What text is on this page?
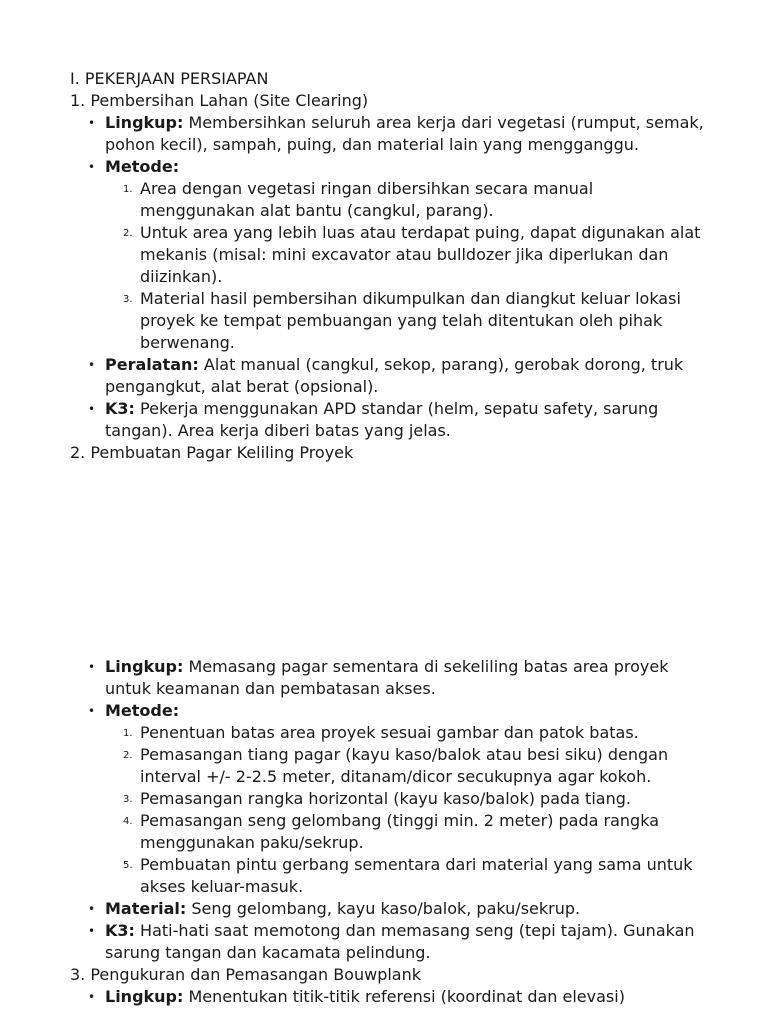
I. PEKERJAAN PERSIAPAN

1. Pembersihan Lahan (Site Clearing)

• Lingkup: Membersihkan seluruh area kerja dari vegetasi (rumput, semak, pohon kecil), sampah, puing, dan material lain yang mengganggu.
• Metode:
1. Area dengan vegetasi ringan dibersihkan secara manual menggunakan alat bantu (cangkul, parang).
2. Untuk area yang lebih luas atau terdapat puing, dapat digunakan alat mekanis (misal: mini excavator atau bulldozer jika diperlukan dan diizinkan).
3. Material hasil pembersihan dikumpulkan dan diangkut keluar lokasi proyek ke tempat pembuangan yang telah ditentukan oleh pihak berwenang.
• Peralatan: Alat manual (cangkul, sekop, parang), gerobak dorong, truk pengangkut, alat berat (opsional).
• K3: Pekerja menggunakan APD standar (helm, sepatu safety, sarung tangan). Area kerja diberi batas yang jelas.

2. Pembuatan Pagar Keliling Proyek

• Lingkup: Memasang pagar sementara di sekeliling batas area proyek untuk keamanan dan pembatasan akses.
• Metode:
1. Penentuan batas area proyek sesuai gambar dan patok batas.
2. Pemasangan tiang pagar (kayu kaso/balok atau besi siku) dengan interval +/- 2-2.5 meter, ditanam/dicor secukupnya agar kokoh.
3. Pemasangan rangka horizontal (kayu kaso/balok) pada tiang.
4. Pemasangan seng gelombang (tinggi min. 2 meter) pada rangka menggunakan paku/sekrup.
5. Pembuatan pintu gerbang sementara dari material yang sama untuk akses keluar-masuk.
• Material: Seng gelombang, kayu kaso/balok, paku/sekrup.
• K3: Hati-hati saat memotong dan memasang seng (tepi tajam). Gunakan sarung tangan dan kacamata pelindung.

3. Pengukuran dan Pemasangan Bouwplank

• Lingkup: Menentukan titik-titik referensi (koordinat dan elevasi)
